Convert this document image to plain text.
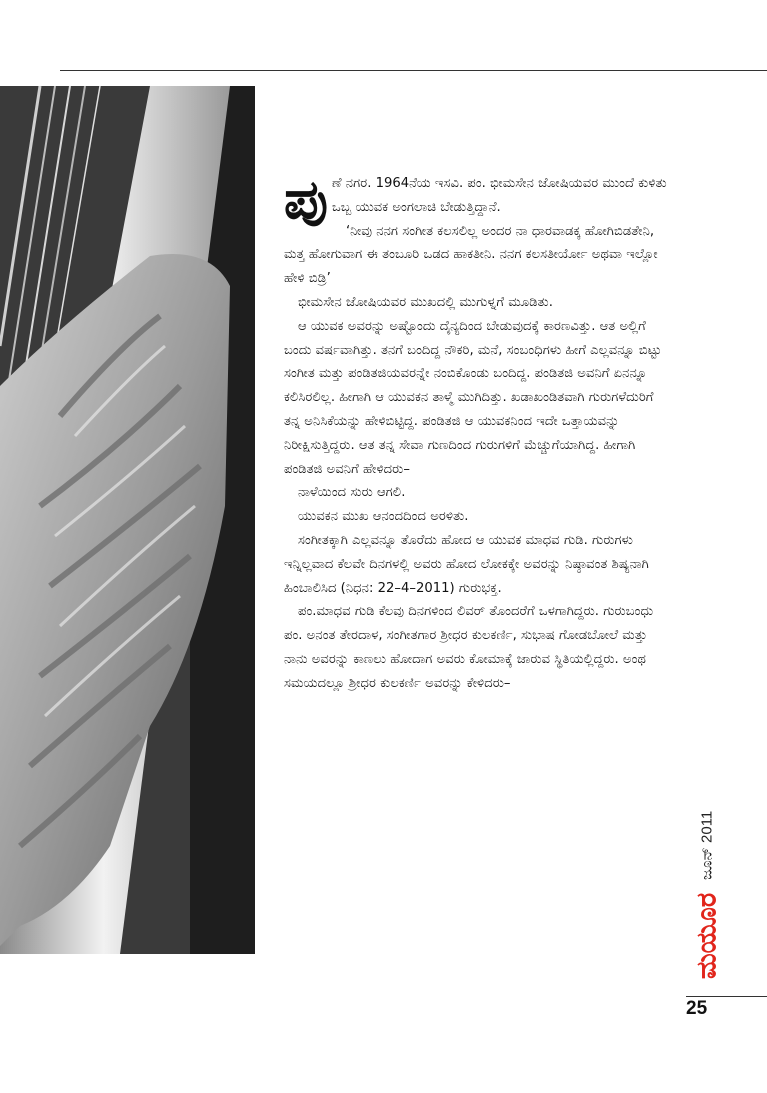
ಪುಣೆ ನಗರ. 1964ನೆಯ ಇಸವಿ. ಪಂ. ಭೀಮಸೇನ ಜೋಷಿಯವರ ಮುಂದೆ ಕುಳಿತು ಒಬ್ಬ ಯುವಕ ಅಂಗಲಾಚಿ ಬೇಡುತ್ತಿದ್ದಾನೆ.

‘ನೀವು ನನಗ ಸಂಗೀತ ಕಲಸಲಿಲ್ಲ ಅಂದರ ನಾ ಧಾರವಾಡಕ್ಕ ಹೋಗಿಬಿಡತೇನಿ, ಮತ್ತ ಹೋಗುವಾಗ ಈ ತಂಬೂರಿ ಒಡದ ಹಾಕತೀನಿ. ನನಗ ಕಲಸತೀರ್ಯೋ ಅಥವಾ ಇಲ್ಲೋ ಹೇಳಿ ಬಿಡ್ರಿ’

ಭೀಮಸೇನ ಜೋಷಿಯವರ ಮುಖದಲ್ಲಿ ಮುಗುಳ್ನಗೆ ಮೂಡಿತು.

ಆ ಯುವಕ ಅವರನ್ನು ಅಷ್ಟೊಂದು ದೈನ್ಯದಿಂದ ಬೇಡುವುದಕ್ಕೆ ಕಾರಣವಿತ್ತು. ಆತ ಅಲ್ಲಿಗೆ ಬಂದು ವರ್ಷವಾಗಿತ್ತು. ತನಗೆ ಬಂದಿದ್ದ ನೌಕರಿ, ಮನೆ, ಸಂಬಂಧಿಗಳು ಹೀಗೆ ಎಲ್ಲವನ್ನೂ ಬಿಟ್ಟು ಸಂಗೀತ ಮತ್ತು ಪಂಡಿತಜಿಯವರನ್ನೇ ನಂಬಿಕೊಂಡು ಬಂದಿದ್ದ. ಪಂಡಿತಜಿ ಅವನಿಗೆ ಏನನ್ನೂ ಕಲಿಸಿರಲಿಲ್ಲ. ಹೀಗಾಗಿ ಆ ಯುವಕನ ತಾಳ್ಮೆ ಮುಗಿದಿತ್ತು. ಖಡಾಖಂಡಿತವಾಗಿ ಗುರುಗಳೆದುರಿಗೆ ತನ್ನ ಅನಿಸಿಕೆಯನ್ನು ಹೇಳಿಬಿಟ್ಟಿದ್ದ. ಪಂಡಿತಜಿ ಆ ಯುವಕನಿಂದ ಇದೇ ಒತ್ತಾಯವನ್ನು ನಿರೀಕ್ಷಿಸುತ್ತಿದ್ದರು. ಆತ ತನ್ನ ಸೇವಾ ಗುಣದಿಂದ ಗುರುಗಳಿಗೆ ಮೆಚ್ಚುಗೆಯಾಗಿದ್ದ. ಹೀಗಾಗಿ ಪಂಡಿತಜಿ ಅವನಿಗೆ ಹೇಳಿದರು–

ನಾಳೆಯಿಂದ ಸುರು ಆಗಲಿ.

ಯುವಕನ ಮುಖ ಆನಂದದಿಂದ ಅರಳಿತು.

ಸಂಗೀತಕ್ಕಾಗಿ ಎಲ್ಲವನ್ನೂ ತೊರೆದು ಹೋದ ಆ ಯುವಕ ಮಾಧವ ಗುಡಿ. ಗುರುಗಳು ಇನ್ನಿಲ್ಲವಾದ ಕೆಲವೇ ದಿನಗಳಲ್ಲಿ ಅವರು ಹೋದ ಲೋಕಕ್ಕೇ ಅವರನ್ನು ನಿಷ್ಠಾವಂತ ಶಿಷ್ಯನಾಗಿ ಹಿಂಬಾಲಿಸಿದ (ನಿಧನ: 22–4–2011) ಗುರುಭಕ್ತ.

ಪಂ.ಮಾಧವ ಗುಡಿ ಕೆಲವು ದಿನಗಳಿಂದ ಲಿವರ್ ತೊಂದರೆಗೆ ಒಳಗಾಗಿದ್ದರು. ಗುರುಬಂಧು ಪಂ. ಅನಂತ ತೇರದಾಳ, ಸಂಗೀತಗಾರ ಶ್ರೀಧರ ಕುಲಕರ್ಣಿ, ಸುಭಾಷ ಗೋಡಬೋಲೆ ಮತ್ತು ನಾನು ಅವರನ್ನು ಕಾಣಲು ಹೋದಾಗ ಅವರು ಕೋಮಾಕ್ಕೆ ಜಾರುವ ಸ್ಥಿತಿಯಲ್ಲಿದ್ದರು. ಅಂಥ ಸಮಯದಲ್ಲೂ ಶ್ರೀಧರ ಕುಲಕರ್ಣಿ ಅವರನ್ನು ಕೇಳಿದರು–

ಜೂನ್ 2011
ಮಯೂರ
25
